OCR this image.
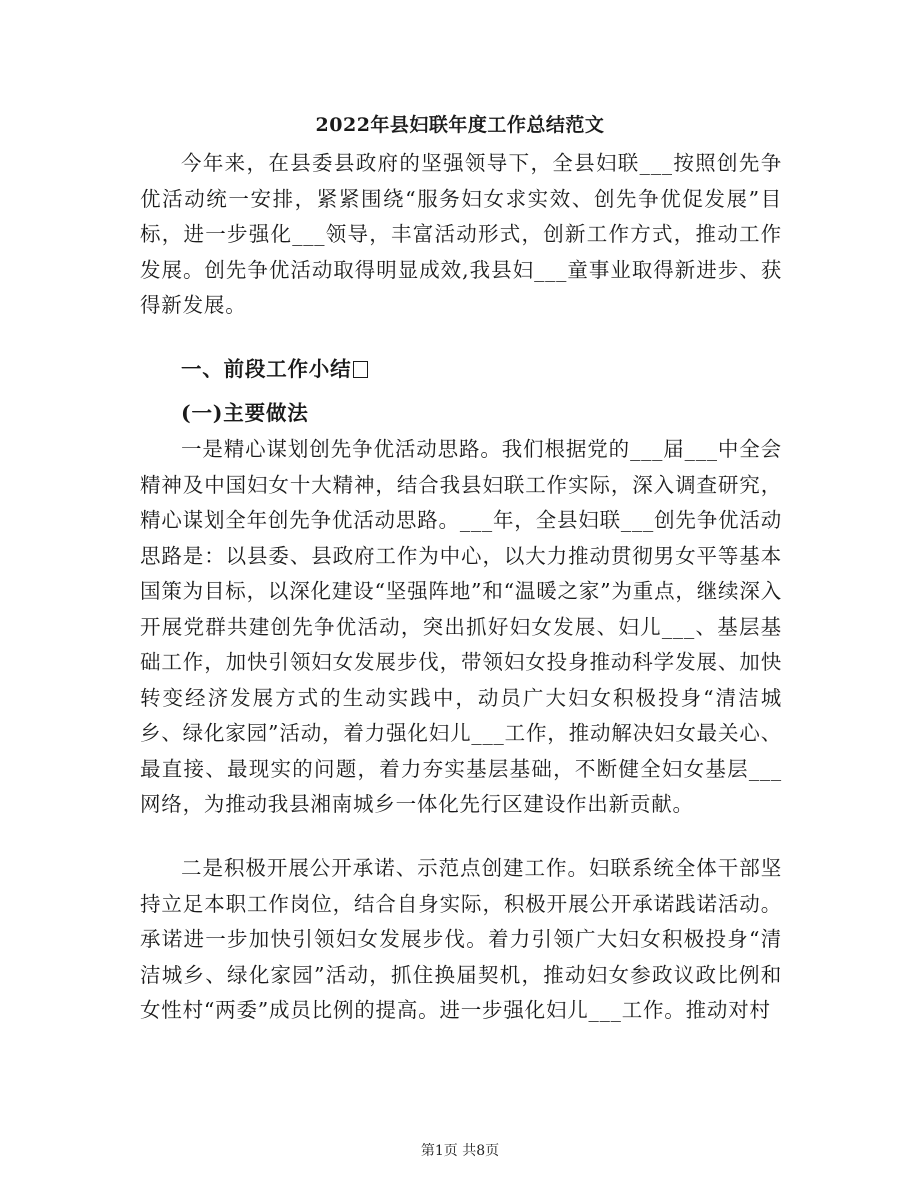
2022年县妇联年度工作总结范文

今年来，在县委县政府的坚强领导下，全县妇联___按照创先争优活动统一安排，紧紧围绕“服务妇女求实效、创先争优促发展”目标，进一步强化___领导，丰富活动形式，创新工作方式，推动工作发展。创先争优活动取得明显成效,我县妇___童事业取得新进步、获得新发展。

一、前段工作小结
(一)主要做法

一是精心谋划创先争优活动思路。我们根据党的___届___中全会精神及中国妇女十大精神，结合我县妇联工作实际，深入调查研究，精心谋划全年创先争优活动思路。___年，全县妇联___创先争优活动思路是：以县委、县政府工作为中心，以大力推动贯彻男女平等基本国策为目标，以深化建设“坚强阵地”和“温暖之家”为重点，继续深入开展党群共建创先争优活动，突出抓好妇女发展、妇儿___、基层基础工作，加快引领妇女发展步伐，带领妇女投身推动科学发展、加快转变经济发展方式的生动实践中，动员广大妇女积极投身“清洁城乡、绿化家园”活动，着力强化妇儿___工作，推动解决妇女最关心、最直接、最现实的问题，着力夯实基层基础，不断健全妇女基层___网络，为推动我县湘南城乡一体化先行区建设作出新贡献。

二是积极开展公开承诺、示范点创建工作。妇联系统全体干部坚持立足本职工作岗位，结合自身实际，积极开展公开承诺践诺活动。承诺进一步加快引领妇女发展步伐。着力引领广大妇女积极投身“清洁城乡、绿化家园”活动，抓住换届契机，推动妇女参政议政比例和女性村“两委”成员比例的提高。进一步强化妇儿___工作。推动对村

第1页 共8页
